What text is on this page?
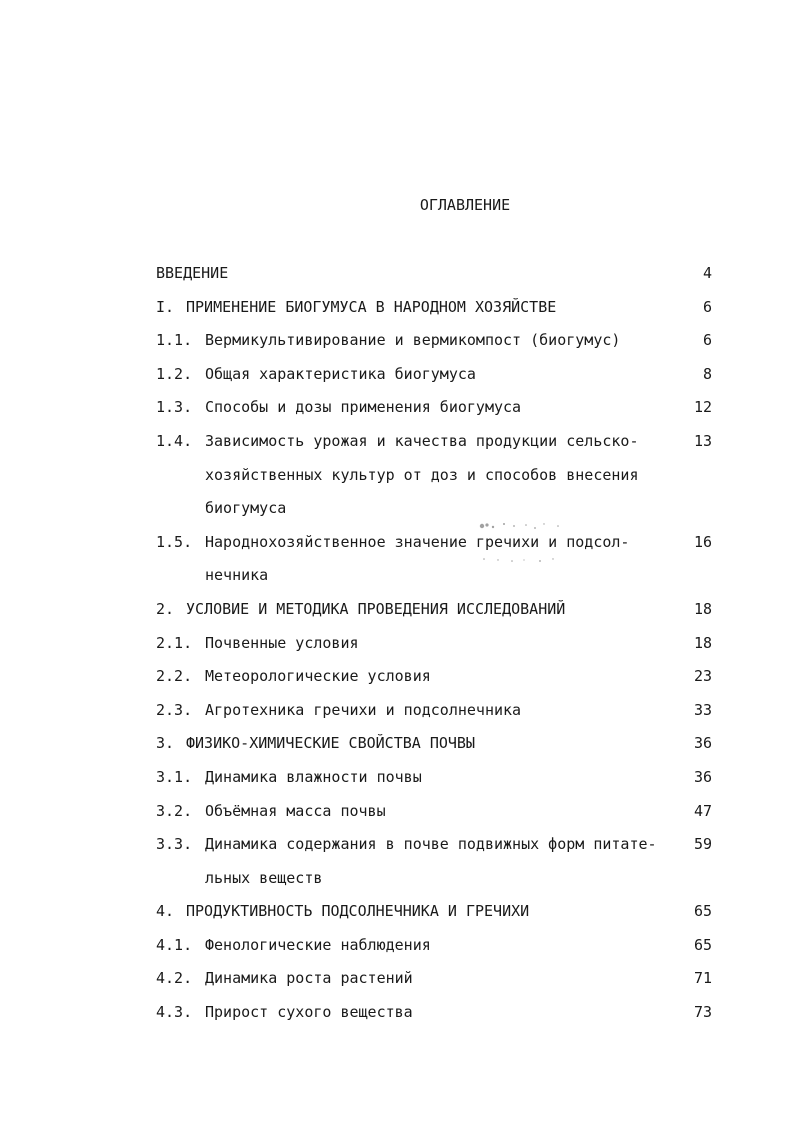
ОГЛАВЛЕНИЕ
ВВЕДЕНИЕ	4
I. ПРИМЕНЕНИЕ БИОГУМУСА В НАРОДНОМ ХОЗЯЙСТВЕ	6
1.1. Вермикультивирование и вермикомпост (биогумус)	6
1.2. Общая характеристика биогумуса	8
1.3. Способы и дозы применения биогумуса	12
1.4. Зависимость урожая и качества продукции сельско-	13
хозяйственных культур от доз и способов внесения
биогумуса
1.5. Народнохозяйственное значение гречихи и подсол-	16
нечника
2. УСЛОВИЕ И МЕТОДИКА ПРОВЕДЕНИЯ ИССЛЕДОВАНИЙ	18
2.1. Почвенные условия	18
2.2. Метеорологические условия	23
2.3. Агротехника гречихи и подсолнечника	33
3. ФИЗИКО-ХИМИЧЕСКИЕ СВОЙСТВА ПОЧВЫ	36
3.1. Динамика влажности почвы	36
3.2. Объёмная масса почвы	47
3.3. Динамика содержания в почве подвижных форм питате- 59
льных веществ
4. ПРОДУКТИВНОСТЬ ПОДСОЛНЕЧНИКА И ГРЕЧИХИ	65
4.1. Фенологические наблюдения	65
4.2. Динамика роста растений	71
4.3. Прирост сухого вещества	73
